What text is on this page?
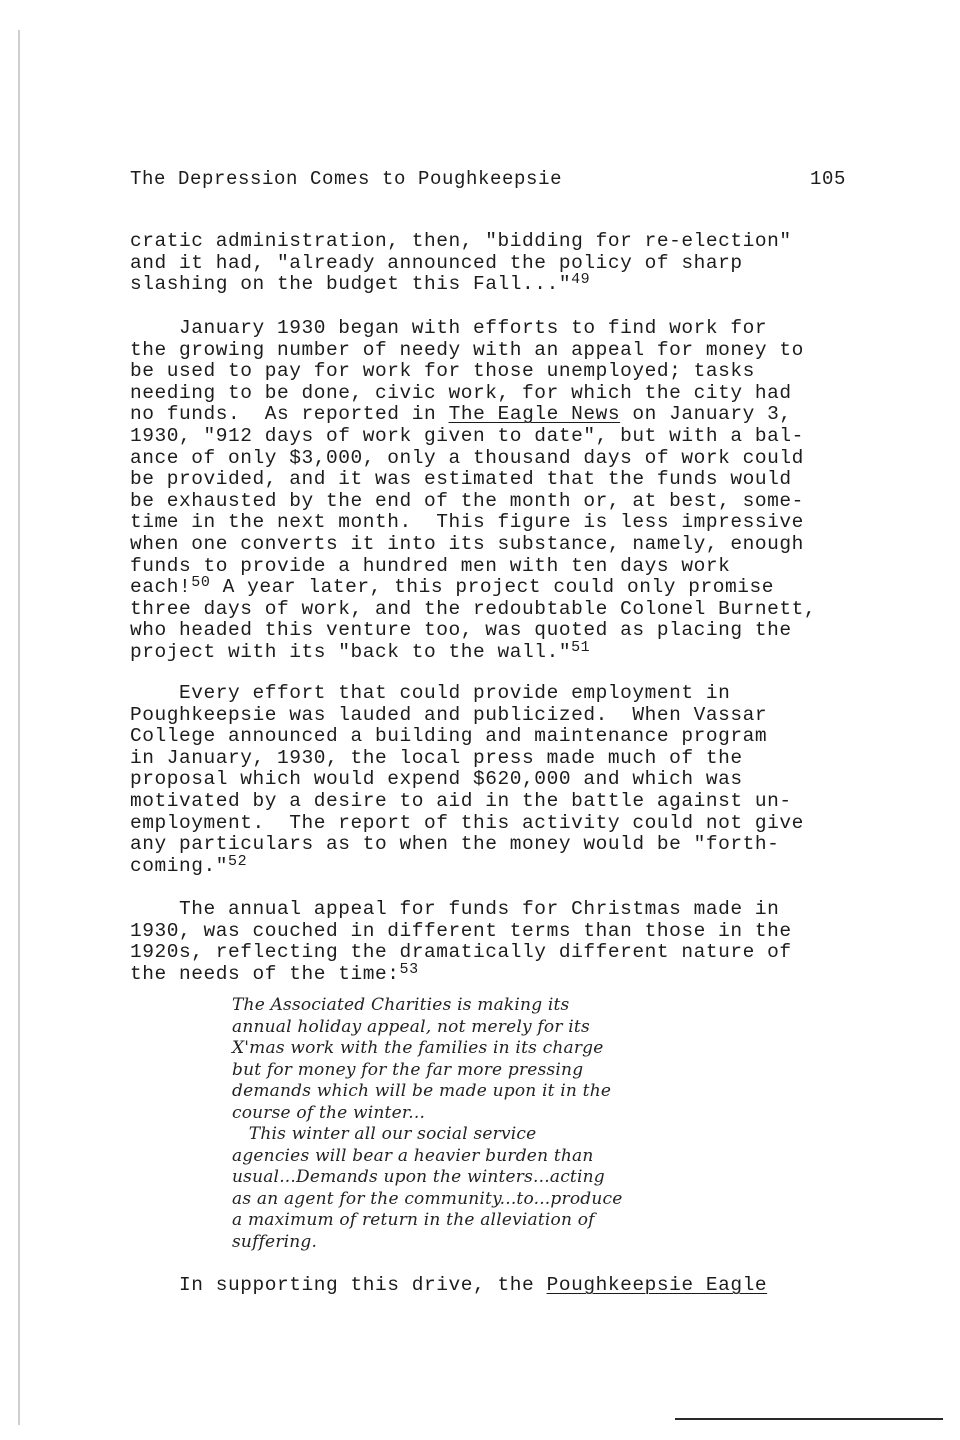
The Depression Comes to Poughkeepsie	105

cratic administration, then, "bidding for re-election"
and it had, "already announced the policy of sharp
slashing on the budget this Fall..."$^{49}$

January 1930 began with efforts to find work for
the growing number of needy with an appeal for money to
be used to pay for work for those unemployed; tasks
needing to be done, civic work, for which the city had
no funds.  As reported in The Eagle News on January 3,
1930, "912 days of work given to date", but with a bal-
ance of only $3,000, only a thousand days of work could
be provided, and it was estimated that the funds would
be exhausted by the end of the month or, at best, some-
time in the next month.  This figure is less impressive
when one converts it into its substance, namely, enough
funds to provide a hundred men with ten days work
each!$^{50}$ A year later, this project could only promise
three days of work, and the redoubtable Colonel Burnett,
who headed this venture too, was quoted as placing the
project with its "back to the wall."$^{51}$

Every effort that could provide employment in
Poughkeepsie was lauded and publicized.  When Vassar
College announced a building and maintenance program
in January, 1930, the local press made much of the
proposal which would expend $620,000 and which was
motivated by a desire to aid in the battle against un-
employment.  The report of this activity could not give
any particulars as to when the money would be "forth-
coming."$^{52}$

The annual appeal for funds for Christmas made in
1930, was couched in different terms than those in the
1920s, reflecting the dramatically different nature of
the needs of the time:$^{53}$

The Associated Charities is making its
annual holiday appeal, not merely for its
X'mas work with the families in its charge
but for money for the far more pressing
demands which will be made upon it in the
course of the winter...
This winter all our social service
agencies will bear a heavier burden than
usual...Demands upon the winters...acting
as an agent for the community...to...produce
a maximum of return in the alleviation of
suffering.

In supporting this drive, the Poughkeepsie Eagle
